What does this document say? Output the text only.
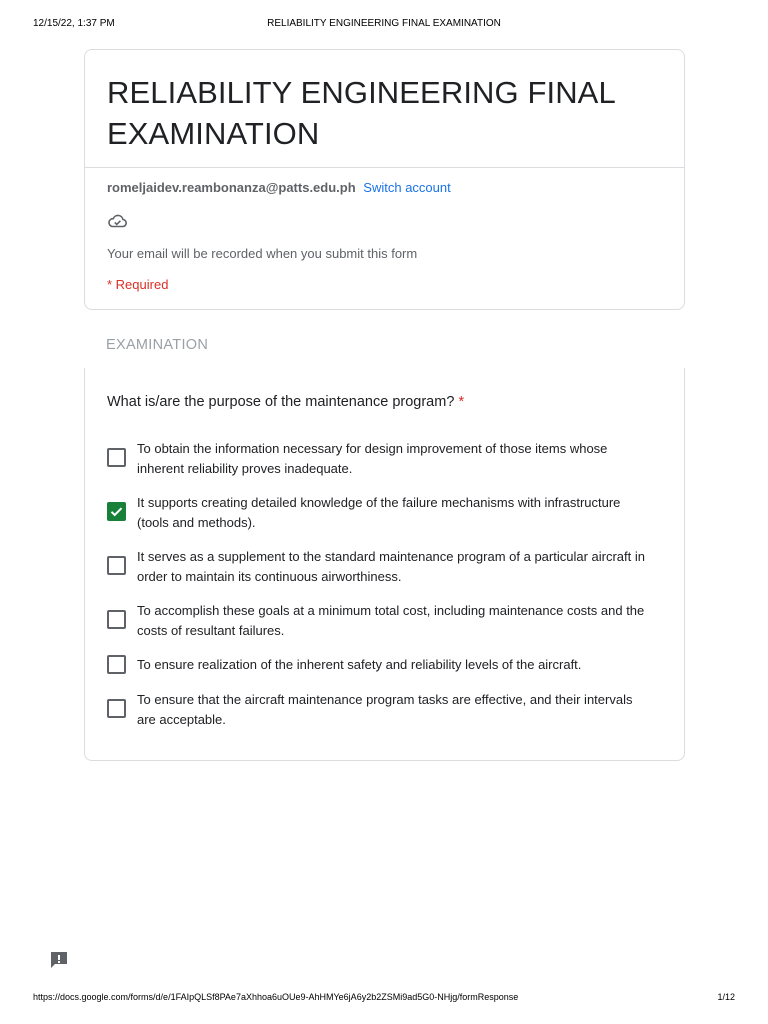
12/15/22, 1:37 PM	RELIABILITY ENGINEERING FINAL EXAMINATION
RELIABILITY ENGINEERING FINAL EXAMINATION
romeljaidev.reambonanza@patts.edu.ph Switch account
Your email will be recorded when you submit this form
* Required
EXAMINATION
What is/are the purpose of the maintenance program? *
To obtain the information necessary for design improvement of those items whose inherent reliability proves inadequate.
It supports creating detailed knowledge of the failure mechanisms with infrastructure (tools and methods).
It serves as a supplement to the standard maintenance program of a particular aircraft in order to maintain its continuous airworthiness.
To accomplish these goals at a minimum total cost, including maintenance costs and the costs of resultant failures.
To ensure realization of the inherent safety and reliability levels of the aircraft.
To ensure that the aircraft maintenance program tasks are effective, and their intervals are acceptable.
https://docs.google.com/forms/d/e/1FAIpQLSf8PAe7aXhhoa6uOUe9-AhHMYe6jA6y2b2ZSMi9ad5G0-NHjg/formResponse	1/12
